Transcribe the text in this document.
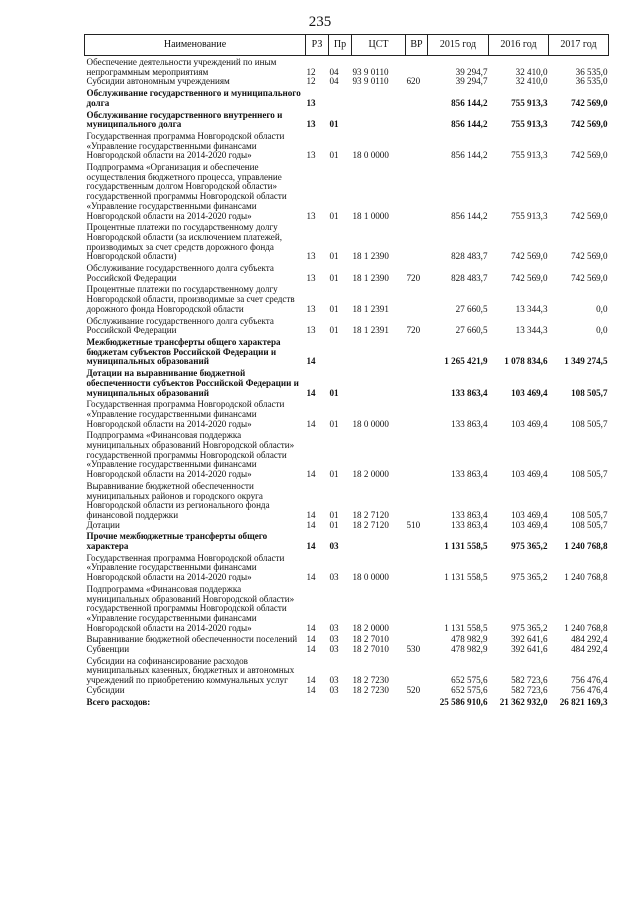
235
Наименование	РЗ	Пр	ЦСТ	ВР	2015 год	2016 год	2017 год
Обеспечение деятельности учреждений по иным непрограммным мероприятиям	12	04	93 9 0110		39 294,7	32 410,0	36 535,0
Субсидии автономным учреждениям	12	04	93 9 0110	620	39 294,7	32 410,0	36 535,0
Обслуживание государственного и муниципального долга	13				856 144,2	755 913,3	742 569,0
Обслуживание государственного внутреннего и муниципального долга	13	01			856 144,2	755 913,3	742 569,0
Государственная программа Новгородской области «Управление государственными финансами Новгородской области на 2014-2020 годы»	13	01	18 0 0000		856 144,2	755 913,3	742 569,0
Подпрограмма «Организация и обеспечение осуществления бюджетного процесса, управление государственным долгом Новгородской области» государственной программы Новгородской области «Управление государственными финансами Новгородской области на 2014-2020 годы»	13	01	18 1 0000		856 144,2	755 913,3	742 569,0
Процентные платежи по государственному долгу Новгородской области (за исключением платежей, производимых за счет средств дорожного фонда Новгородской области)	13	01	18 1 2390		828 483,7	742 569,0	742 569,0
Обслуживание государственного долга субъекта Российской Федерации	13	01	18 1 2390	720	828 483,7	742 569,0	742 569,0
Процентные платежи по государственному долгу Новгородской области, производимые за счет средств дорожного фонда Новгородской области	13	01	18 1 2391		27 660,5	13 344,3	0,0
Обслуживание государственного долга субъекта Российской Федерации	13	01	18 1 2391	720	27 660,5	13 344,3	0,0
Межбюджетные трансферты общего характера бюджетам субъектов Российской Федерации и муниципальных образований	14				1 265 421,9	1 078 834,6	1 349 274,5
Дотации на выравнивание бюджетной обеспеченности субъектов Российской Федерации и муниципальных образований	14	01			133 863,4	103 469,4	108 505,7
Государственная программа Новгородской области «Управление государственными финансами Новгородской области на 2014-2020 годы»	14	01	18 0 0000		133 863,4	103 469,4	108 505,7
Подпрограмма «Финансовая поддержка муниципальных образований Новгородской области» государственной программы Новгородской области «Управление государственными финансами Новгородской области на 2014-2020 годы»	14	01	18 2 0000		133 863,4	103 469,4	108 505,7
Выравнивание бюджетной обеспеченности муниципальных районов и городского округа Новгородской области из регионального фонда финансовой поддержки	14	01	18 2 7120		133 863,4	103 469,4	108 505,7
Дотации	14	01	18 2 7120	510	133 863,4	103 469,4	108 505,7
Прочие межбюджетные трансферты общего характера	14	03			1 131 558,5	975 365,2	1 240 768,8
Государственная программа Новгородской области «Управление государственными финансами Новгородской области на 2014-2020 годы»	14	03	18 0 0000		1 131 558,5	975 365,2	1 240 768,8
Подпрограмма «Финансовая поддержка муниципальных образований Новгородской области» государственной программы Новгородской области «Управление государственными финансами Новгородской области на 2014-2020 годы»	14	03	18 2 0000		1 131 558,5	975 365,2	1 240 768,8
Выравнивание бюджетной обеспеченности поселений	14	03	18 2 7010		478 982,9	392 641,6	484 292,4
Субвенции	14	03	18 2 7010	530	478 982,9	392 641,6	484 292,4
Субсидии на софинансирование расходов муниципальных казенных, бюджетных и автономных учреждений по приобретению коммунальных услуг	14	03	18 2 7230		652 575,6	582 723,6	756 476,4
Субсидии	14	03	18 2 7230	520	652 575,6	582 723,6	756 476,4
Всего расходов:					25 586 910,6	21 362 932,0	26 821 169,3
